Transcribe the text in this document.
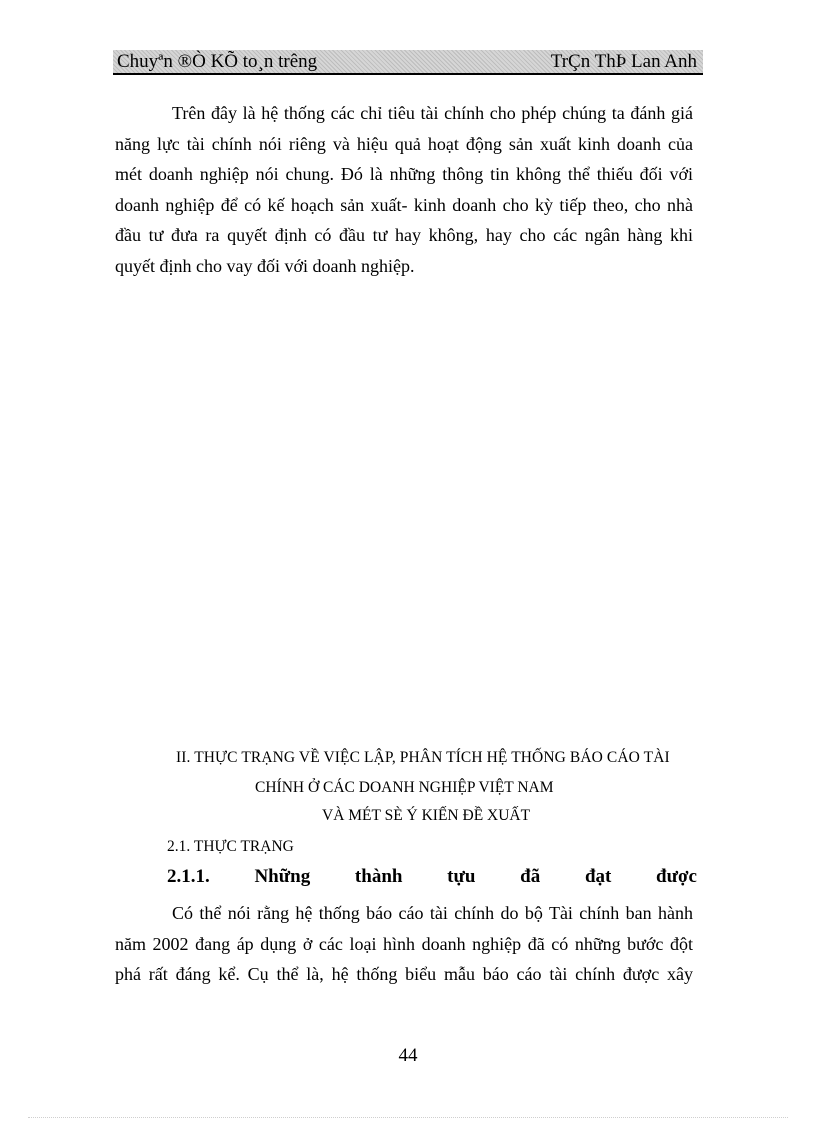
Chuyªn ®Ò KÕ to¸n trêng	TrÇn ThÞ Lan Anh
Trên đây là hệ thống các chỉ tiêu tài chính cho phép chúng ta đánh giá
năng lực tài chính nói riêng và hiệu quả hoạt động sản xuất kinh doanh của
mét doanh nghiệp nói chung. Đó là những thông tin không thể thiếu đối với
doanh nghiệp để có kế hoạch sản xuất- kinh doanh cho kỳ tiếp theo, cho nhà
đầu tư đưa ra quyết định có đầu tư hay không, hay cho các ngân hàng khi
quyết định cho vay đối với doanh nghiệp.
II. THỰC TRẠNG VỀ VIỆC LẬP, PHÂN TÍCH HỆ THỐNG BÁO CÁO TÀI
CHÍNH Ở CÁC DOANH NGHIỆP VIỆT NAM
VÀ MÉT SÈ Ý KIẾN ĐỀ XUẤT
2.1. THỰC TRẠNG
2.1.1. Những thành tựu đã đạt được
Có thể nói rằng hệ thống báo cáo tài chính do bộ Tài chính ban hành
năm 2002 đang áp dụng ở các loại hình doanh nghiệp đã có những bước đột
phá rất đáng kể. Cụ thể là, hệ thống biểu mẫu báo cáo tài chính được xây
44
